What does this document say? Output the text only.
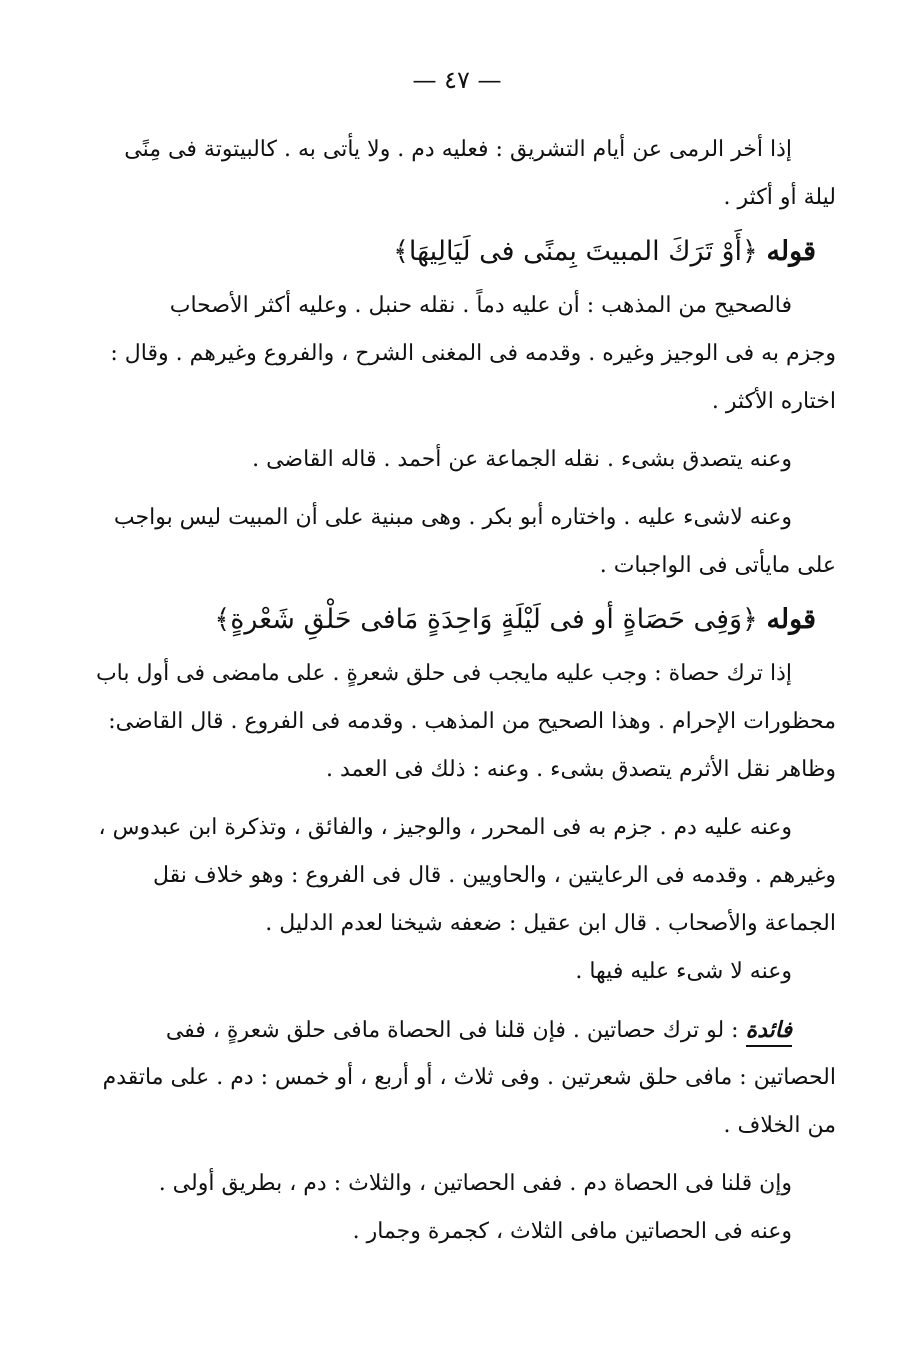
— ٤٧ —
إذا أخر الرمى عن أيام التشريق : فعليه دم . ولا يأتى به . كالبيتوتة فى مِنًى
ليلة أو أكثر .
قوله ﴿أَوْ تَرَكَ المبيتَ بِمنًى فى لَيَالِيهَا﴾
فالصحيح من المذهب : أن عليه دماً . نقله حنبل . وعليه أكثر الأصحاب
وجزم به فى الوجيز وغيره . وقدمه فى المغنى الشرح ، والفروع وغيرهم . وقال :
اختاره الأكثر .
وعنه يتصدق بشىء . نقله الجماعة عن أحمد . قاله القاضى .
وعنه لاشىء عليه . واختاره أبو بكر . وهى مبنية على أن المبيت ليس بواجب
على مايأتى فى الواجبات .
قوله ﴿وَفِى حَصَاةٍ أو فى لَيْلَةٍ وَاحِدَةٍ مَافى حَلْقِ شَعْرةٍ﴾
إذا ترك حصاة : وجب عليه مايجب فى حلق شعرةٍ . على مامضى فى أول باب
محظورات الإحرام . وهذا الصحيح من المذهب . وقدمه فى الفروع . قال القاضى:
وظاهر نقل الأثرم يتصدق بشىء . وعنه : ذلك فى العمد .
وعنه عليه دم . جزم به فى المحرر ، والوجيز ، والفائق ، وتذكرة ابن عبدوس ،
وغيرهم . وقدمه فى الرعايتين ، والحاويين . قال فى الفروع : وهو خلاف نقل
الجماعة والأصحاب . قال ابن عقيل : ضعفه شيخنا لعدم الدليل .
وعنه لا شىء عليه فيها .
فائدة : لو ترك حصاتين . فإن قلنا فى الحصاة مافى حلق شعرةٍ ، ففى
الحصاتين : مافى حلق شعرتين . وفى ثلاث ، أو أربع ، أو خمس : دم . على ماتقدم
من الخلاف .
وإن قلنا فى الحصاة دم . ففى الحصاتين ، والثلاث : دم ، بطريق أولى .
وعنه فى الحصاتين مافى الثلاث ، كجمرة وجمار .
